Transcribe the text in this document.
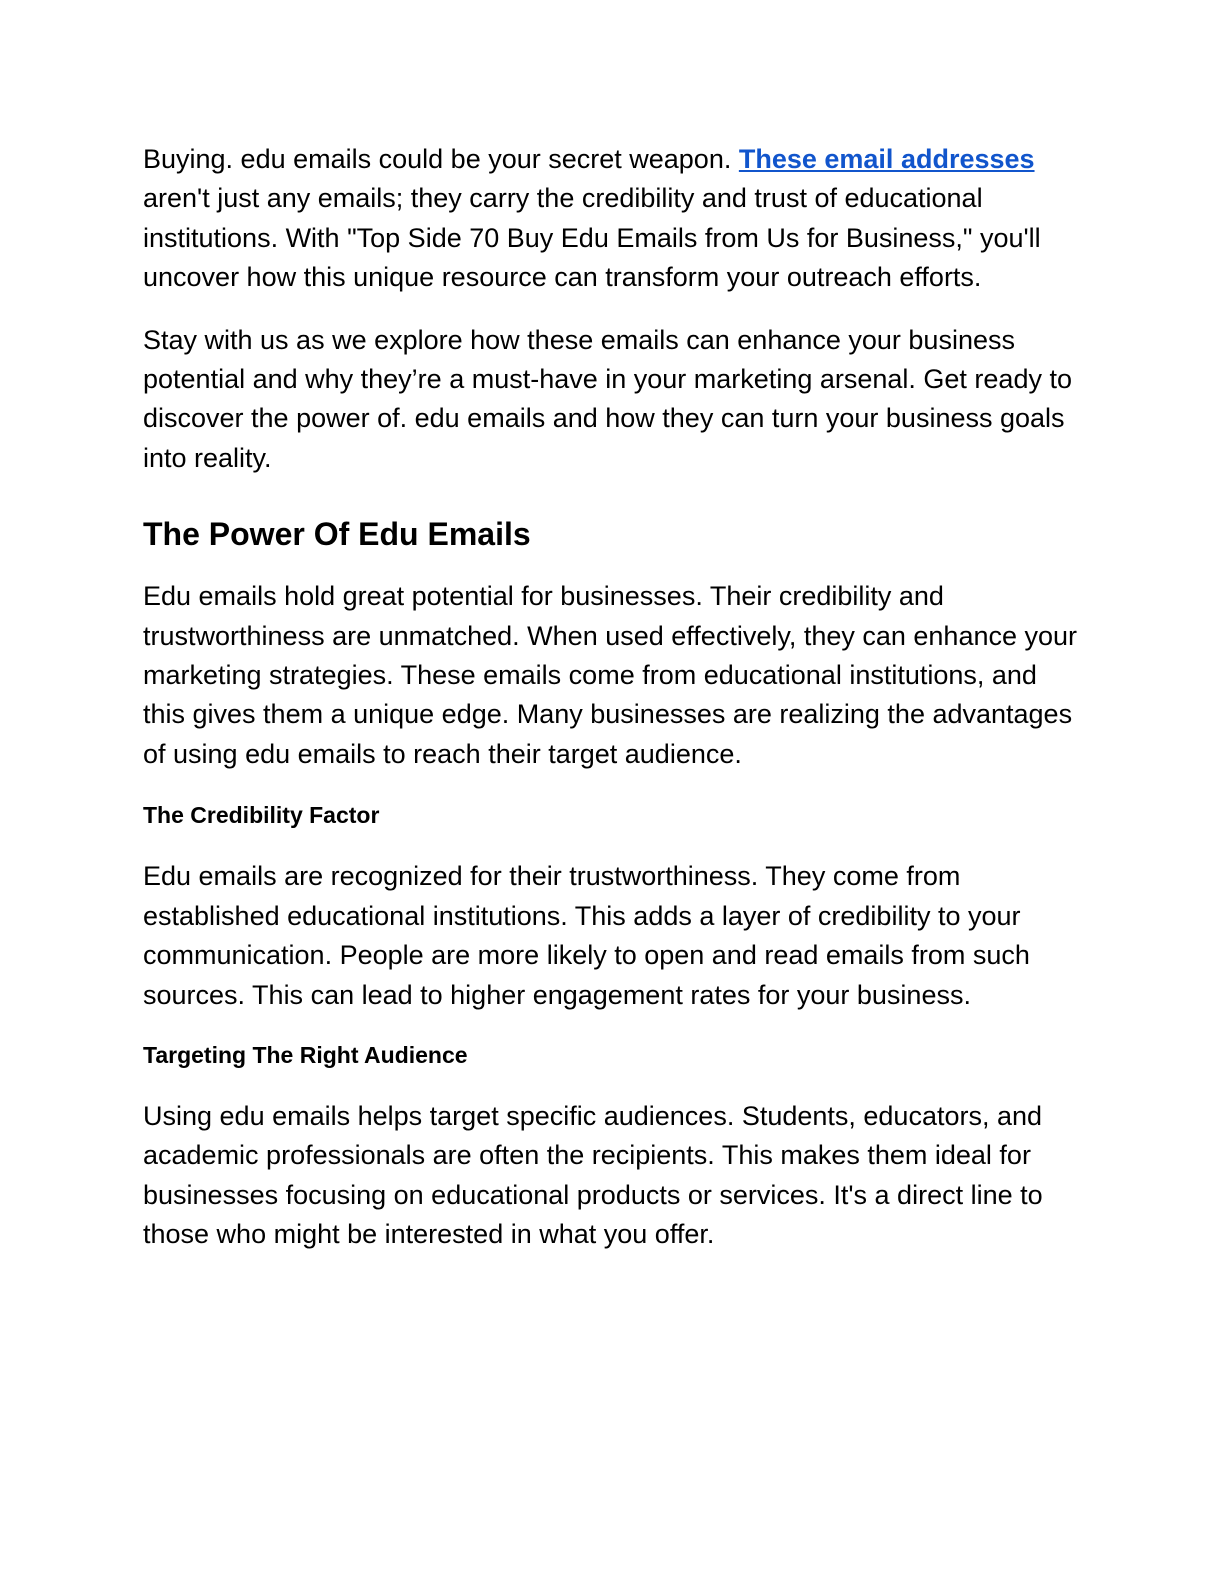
Buying. edu emails could be your secret weapon. These email addresses aren't just any emails; they carry the credibility and trust of educational institutions. With "Top Side 70 Buy Edu Emails from Us for Business," you'll uncover how this unique resource can transform your outreach efforts.

Stay with us as we explore how these emails can enhance your business potential and why they’re a must-have in your marketing arsenal. Get ready to discover the power of. edu emails and how they can turn your business goals into reality.

The Power Of Edu Emails

Edu emails hold great potential for businesses. Their credibility and trustworthiness are unmatched. When used effectively, they can enhance your marketing strategies. These emails come from educational institutions, and this gives them a unique edge. Many businesses are realizing the advantages of using edu emails to reach their target audience.

The Credibility Factor

Edu emails are recognized for their trustworthiness. They come from established educational institutions. This adds a layer of credibility to your communication. People are more likely to open and read emails from such sources. This can lead to higher engagement rates for your business.

Targeting The Right Audience

Using edu emails helps target specific audiences. Students, educators, and academic professionals are often the recipients. This makes them ideal for businesses focusing on educational products or services. It's a direct line to those who might be interested in what you offer.
